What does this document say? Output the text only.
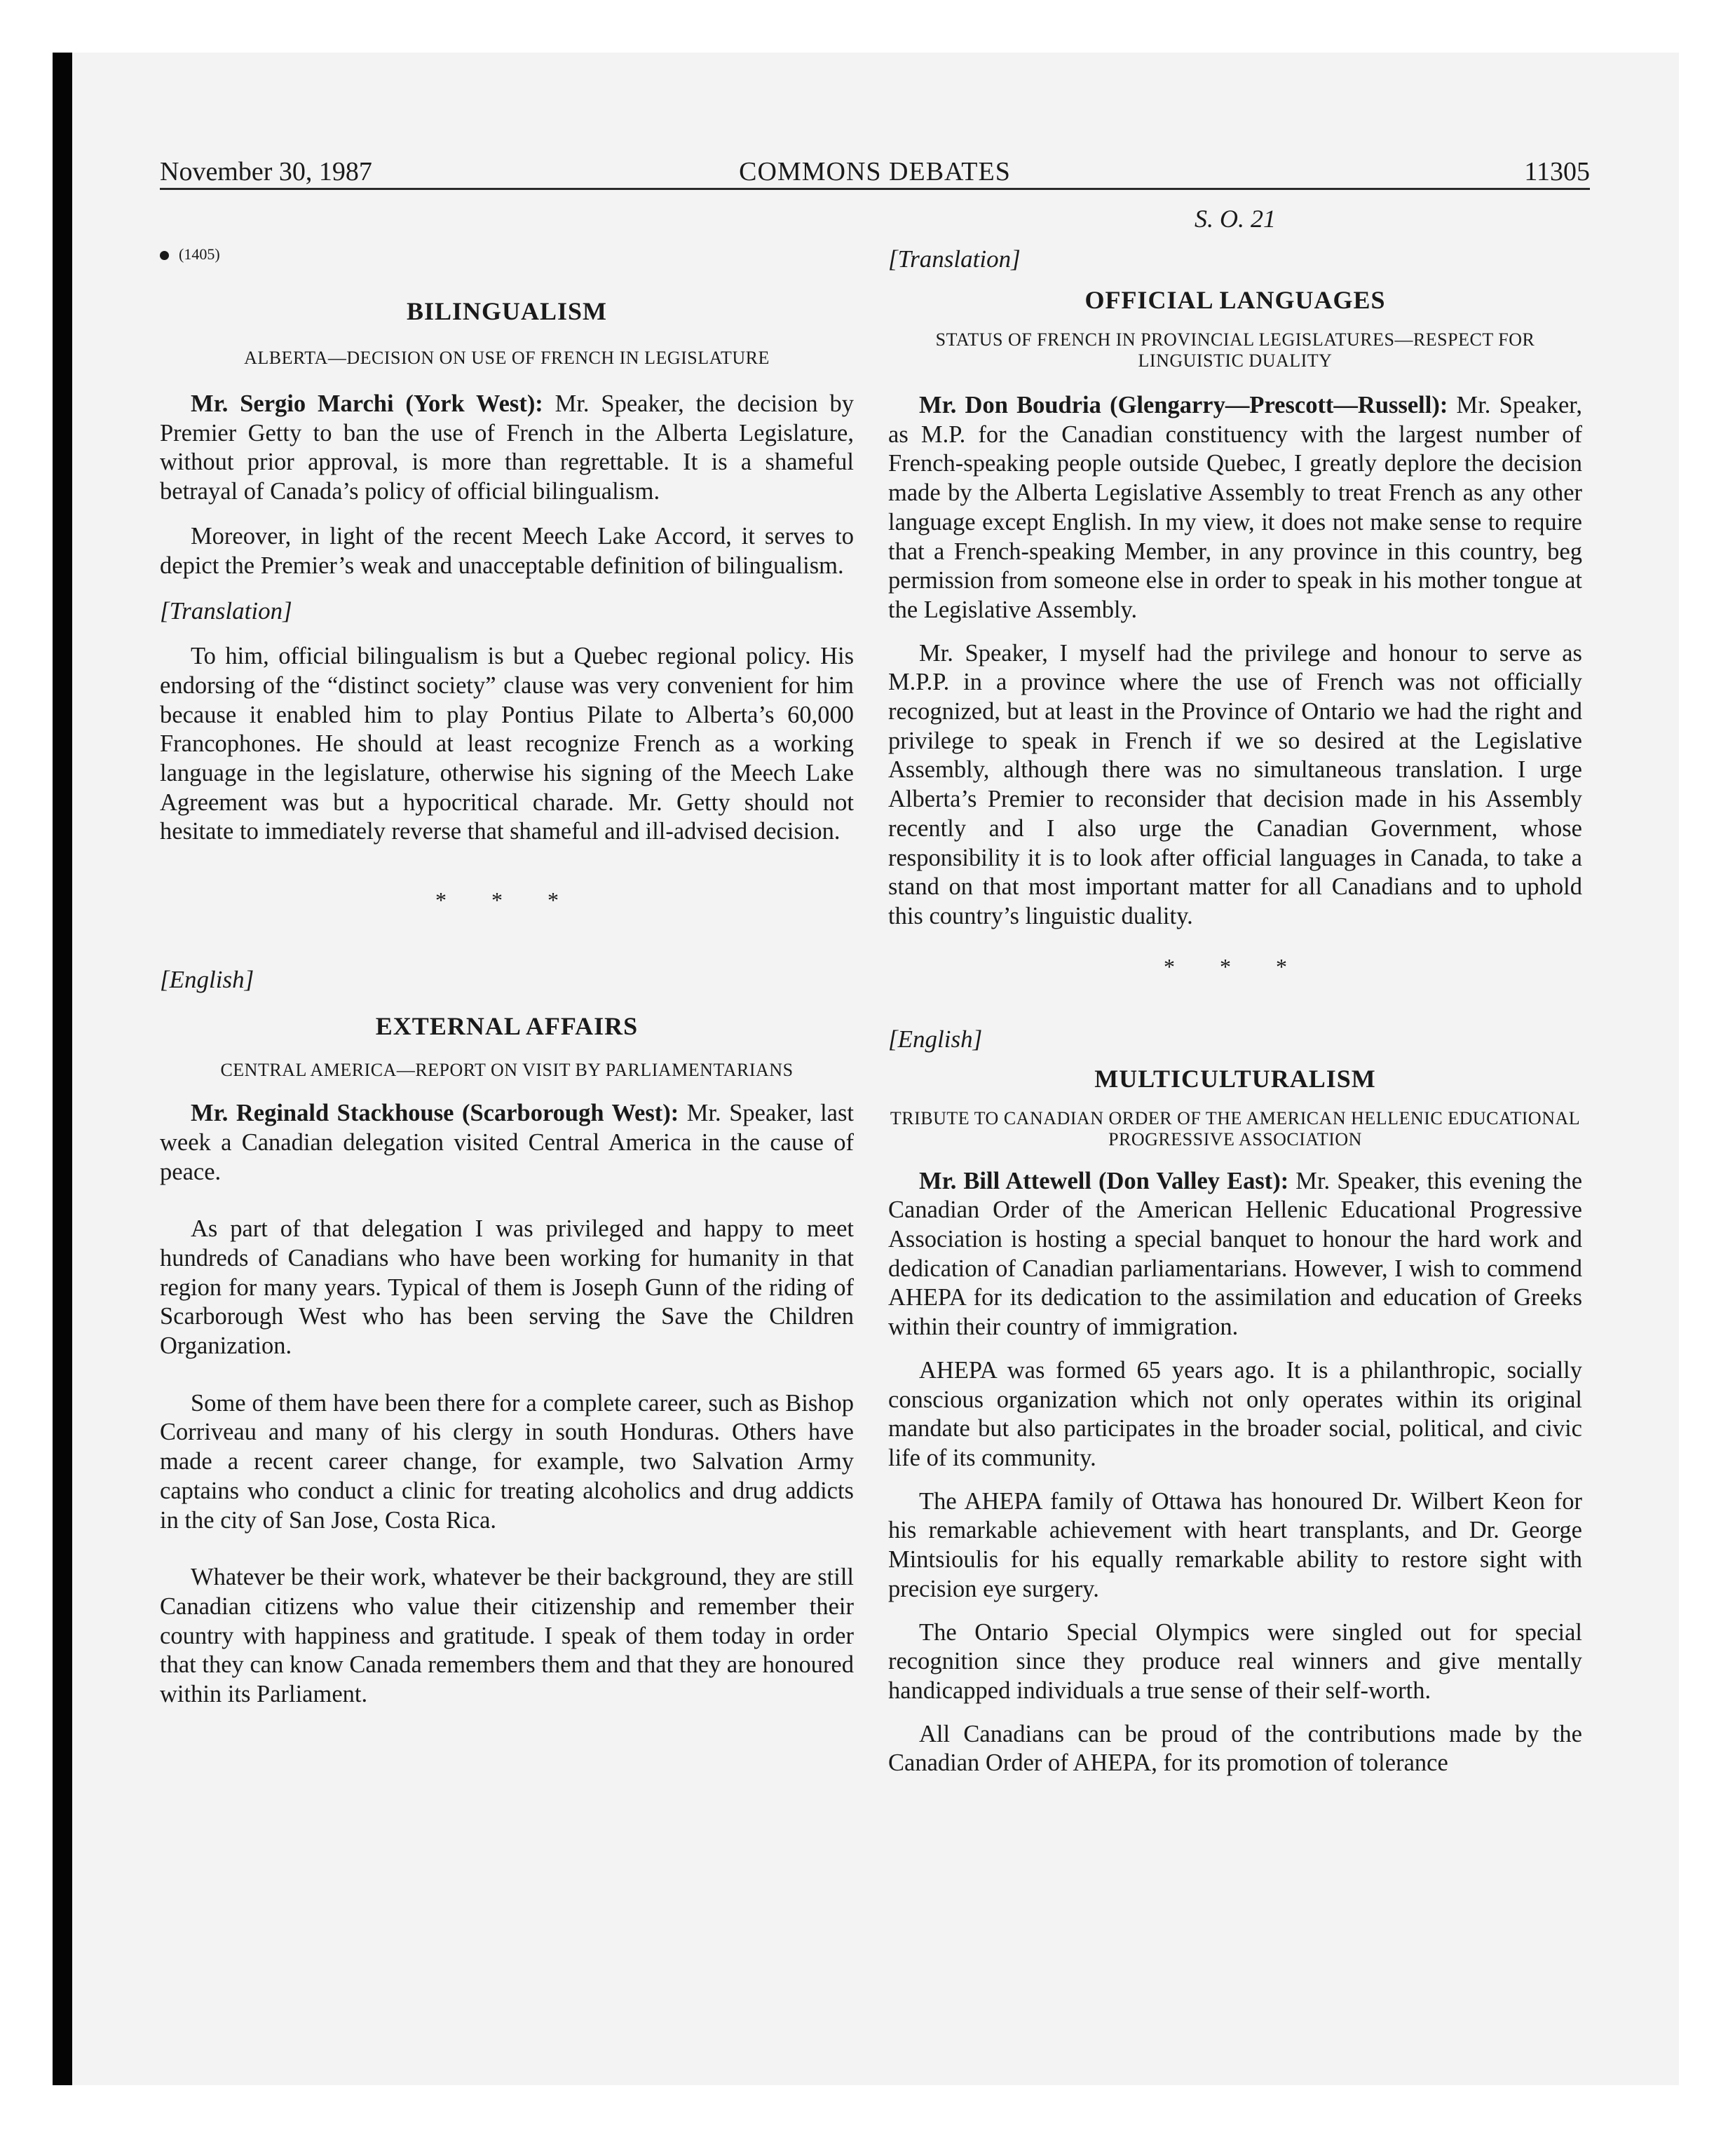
November 30, 1987	COMMONS DEBATES	11305
(1405)
BILINGUALISM
ALBERTA—DECISION ON USE OF FRENCH IN LEGISLATURE

Mr. Sergio Marchi (York West): Mr. Speaker, the decision by Premier Getty to ban the use of French in the Alberta Legislature, without prior approval, is more than regrettable. It is a shameful betrayal of Canada’s policy of official bilingualism.

Moreover, in light of the recent Meech Lake Accord, it serves to depict the Premier’s weak and unacceptable definition of bilingualism.

[Translation]

To him, official bilingualism is but a Quebec regional policy. His endorsing of the “distinct society” clause was very convenient for him because it enabled him to play Pontius Pilate to Alberta’s 60,000 Francophones. He should at least recognize French as a working language in the legislature, otherwise his signing of the Meech Lake Agreement was but a hypocritical charade. Mr. Getty should not hesitate to immediately reverse that shameful and ill-advised decision.

* * *
[English]
EXTERNAL AFFAIRS
CENTRAL AMERICA—REPORT ON VISIT BY PARLIAMENTARIANS

Mr. Reginald Stackhouse (Scarborough West): Mr. Speaker, last week a Canadian delegation visited Central America in the cause of peace.

As part of that delegation I was privileged and happy to meet hundreds of Canadians who have been working for humanity in that region for many years. Typical of them is Joseph Gunn of the riding of Scarborough West who has been serving the Save the Children Organization.

Some of them have been there for a complete career, such as Bishop Corriveau and many of his clergy in south Honduras. Others have made a recent career change, for example, two Salvation Army captains who conduct a clinic for treating alcoholics and drug addicts in the city of San Jose, Costa Rica.

Whatever be their work, whatever be their background, they are still Canadian citizens who value their citizenship and remember their country with happiness and gratitude. I speak of them today in order that they can know Canada remembers them and that they are honoured within its Parliament.

S. O. 21
[Translation]
OFFICIAL LANGUAGES
STATUS OF FRENCH IN PROVINCIAL LEGISLATURES—RESPECT FOR LINGUISTIC DUALITY

Mr. Don Boudria (Glengarry—Prescott—Russell): Mr. Speaker, as M.P. for the Canadian constituency with the largest number of French-speaking people outside Quebec, I greatly deplore the decision made by the Alberta Legislative Assembly to treat French as any other language except English. In my view, it does not make sense to require that a French-speaking Member, in any province in this country, beg permission from someone else in order to speak in his mother tongue at the Legislative Assembly.

Mr. Speaker, I myself had the privilege and honour to serve as M.P.P. in a province where the use of French was not officially recognized, but at least in the Province of Ontario we had the right and privilege to speak in French if we so desired at the Legislative Assembly, although there was no simultaneous translation. I urge Alberta’s Premier to reconsider that decision made in his Assembly recently and I also urge the Canadian Government, whose responsibility it is to look after official languages in Canada, to take a stand on that most important matter for all Canadians and to uphold this country’s linguistic duality.

* * *
[English]
MULTICULTURALISM
TRIBUTE TO CANADIAN ORDER OF THE AMERICAN HELLENIC EDUCATIONAL PROGRESSIVE ASSOCIATION

Mr. Bill Attewell (Don Valley East): Mr. Speaker, this evening the Canadian Order of the American Hellenic Educational Progressive Association is hosting a special banquet to honour the hard work and dedication of Canadian parliamentarians. However, I wish to commend AHEPA for its dedication to the assimilation and education of Greeks within their country of immigration.

AHEPA was formed 65 years ago. It is a philanthropic, socially conscious organization which not only operates within its original mandate but also participates in the broader social, political, and civic life of its community.

The AHEPA family of Ottawa has honoured Dr. Wilbert Keon for his remarkable achievement with heart transplants, and Dr. George Mintsioulis for his equally remarkable ability to restore sight with precision eye surgery.

The Ontario Special Olympics were singled out for special recognition since they produce real winners and give mentally handicapped individuals a true sense of their self-worth.

All Canadians can be proud of the contributions made by the Canadian Order of AHEPA, for its promotion of tolerance
